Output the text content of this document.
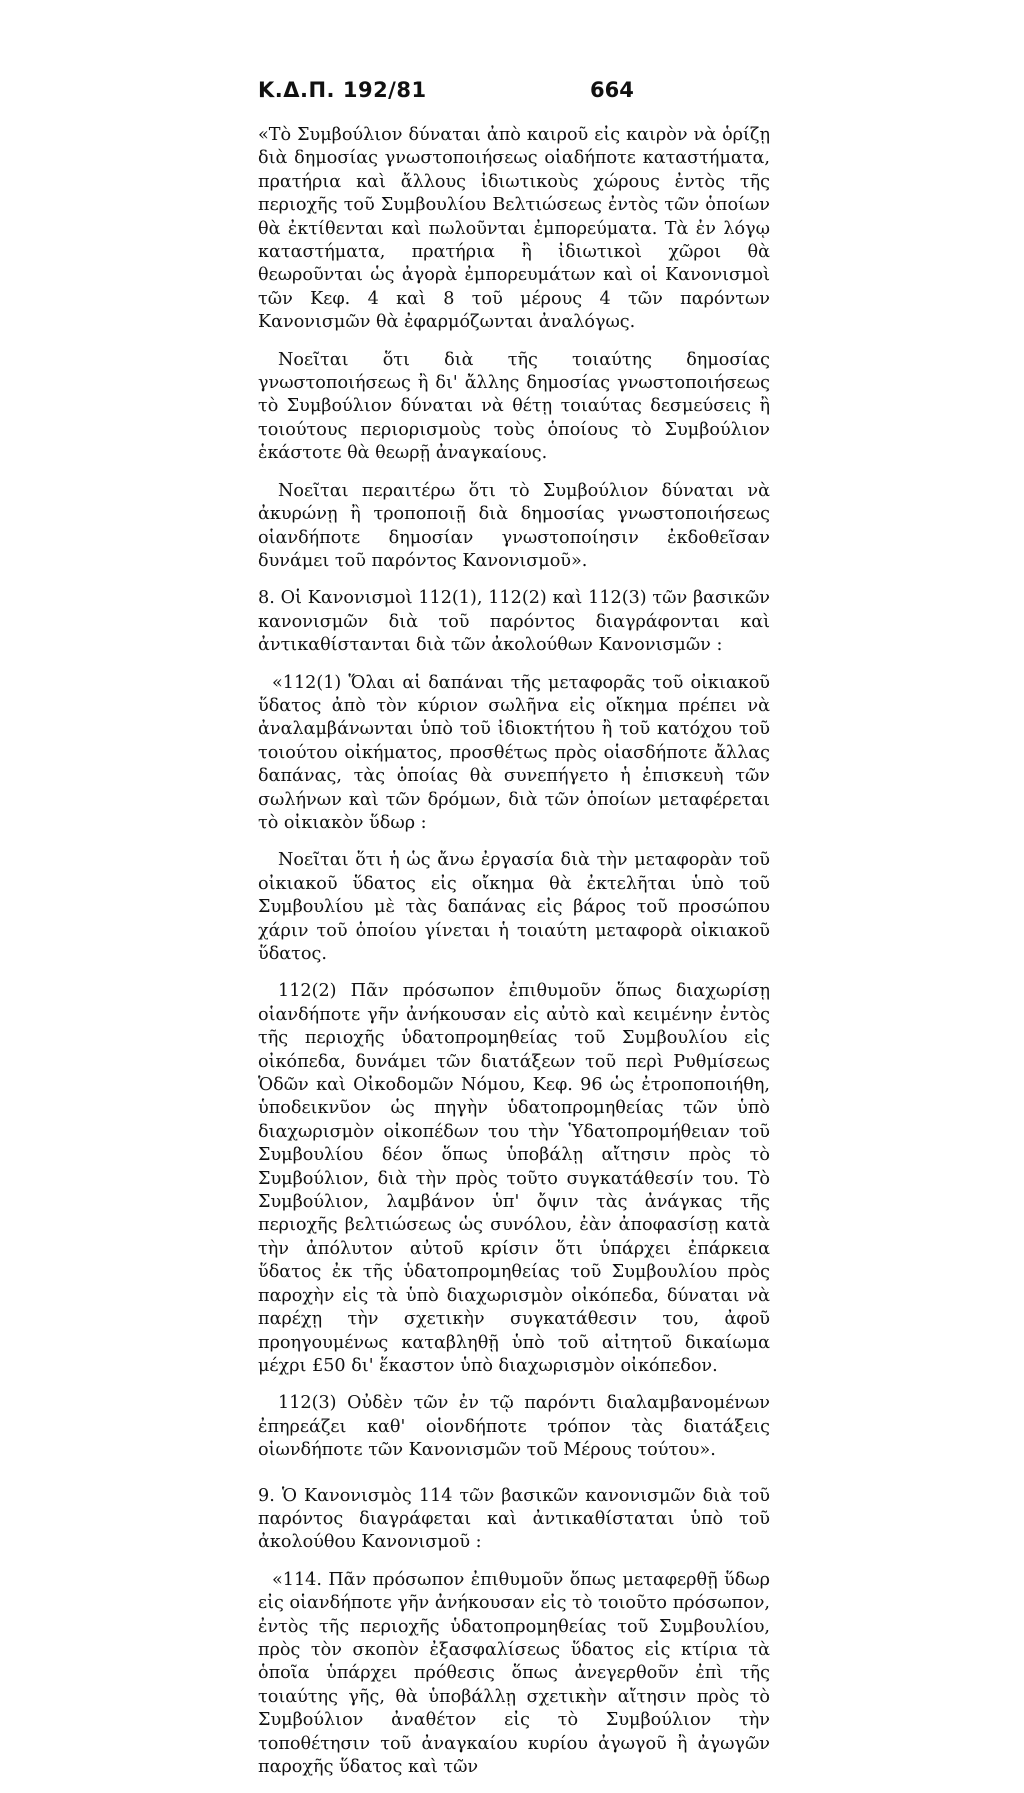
Κ.Δ.Π. 192/81	664

«Τὸ Συμβούλιον δύναται ἀπὸ καιροῦ εἰς καιρὸν νὰ ὁρίζῃ διὰ δημοσίας γνωστοποιήσεως οἱαδήποτε καταστήματα, πρατήρια καὶ ἄλλους ἰδιωτικοὺς χώρους ἐντὸς τῆς περιοχῆς τοῦ Συμβουλίου Βελτιώσεως ἐντὸς τῶν ὁποίων θὰ ἐκτίθενται καὶ πωλοῦνται ἐμπορεύματα. Τὰ ἐν λόγῳ καταστήματα, πρατήρια ἢ ἰδιωτικοὶ χῶροι θὰ θεωροῦνται ὡς ἀγορὰ ἐμπορευμάτων καὶ οἱ Κανονισμοὶ τῶν Κεφ. 4 καὶ 8 τοῦ μέρους 4 τῶν παρόντων Κανονισμῶν θὰ ἐφαρμόζωνται ἀναλόγως.

Νοεῖται ὅτι διὰ τῆς τοιαύτης δημοσίας γνωστοποιήσεως ἢ δι' ἄλλης δημοσίας γνωστοποιήσεως τὸ Συμβούλιον δύναται νὰ θέτῃ τοιαύτας δεσμεύσεις ἢ τοιούτους περιορισμοὺς τοὺς ὁποίους τὸ Συμβούλιον ἑκάστοτε θὰ θεωρῇ ἀναγκαίους.

Νοεῖται περαιτέρω ὅτι τὸ Συμβούλιον δύναται νὰ ἀκυρώνῃ ἢ τροποποιῇ διὰ δημοσίας γνωστοποιήσεως οἱανδήποτε δημοσίαν γνωστοποίησιν ἐκδοθεῖσαν δυνάμει τοῦ παρόντος Κανονισμοῦ».

8. Οἱ Κανονισμοὶ 112(1), 112(2) καὶ 112(3) τῶν βασικῶν κανονισμῶν διὰ τοῦ παρόντος διαγράφονται καὶ ἀντικαθίστανται διὰ τῶν ἀκολούθων Κανονισμῶν :

«112(1) Ὅλαι αἱ δαπάναι τῆς μεταφορᾶς τοῦ οἰκιακοῦ ὕδατος ἀπὸ τὸν κύριον σωλῆνα εἰς οἴκημα πρέπει νὰ ἀναλαμβάνωνται ὑπὸ τοῦ ἰδιοκτήτου ἢ τοῦ κατόχου τοῦ τοιούτου οἰκήματος, προσθέτως πρὸς οἱασδήποτε ἄλλας δαπάνας, τὰς ὁποίας θὰ συνεπήγετο ἡ ἐπισκευὴ τῶν σωλήνων καὶ τῶν δρόμων, διὰ τῶν ὁποίων μεταφέρεται τὸ οἰκιακὸν ὕδωρ :

Νοεῖται ὅτι ἡ ὡς ἄνω ἐργασία διὰ τὴν μεταφορὰν τοῦ οἰκιακοῦ ὕδατος εἰς οἴκημα θὰ ἐκτελῆται ὑπὸ τοῦ Συμβουλίου μὲ τὰς δαπάνας εἰς βάρος τοῦ προσώπου χάριν τοῦ ὁποίου γίνεται ἡ τοιαύτη μεταφορὰ οἰκιακοῦ ὕδατος.

112(2) Πᾶν πρόσωπον ἐπιθυμοῦν ὅπως διαχωρίσῃ οἱανδήποτε γῆν ἀνήκουσαν εἰς αὐτὸ καὶ κειμένην ἐντὸς τῆς περιοχῆς ὑδατοπρομηθείας τοῦ Συμβουλίου εἰς οἰκόπεδα, δυνάμει τῶν διατάξεων τοῦ περὶ Ρυθμίσεως Ὁδῶν καὶ Οἰκοδομῶν Νόμου, Κεφ. 96 ὡς ἐτροποποιήθη, ὑποδεικνῦον ὡς πηγὴν ὑδατοπρομηθείας τῶν ὑπὸ διαχωρισμὸν οἰκοπέδων του τὴν Ὑδατοπρομήθειαν τοῦ Συμβουλίου δέον ὅπως ὑποβάλῃ αἴτησιν πρὸς τὸ Συμβούλιον, διὰ τὴν πρὸς τοῦτο συγκατάθεσίν του. Τὸ Συμβούλιον, λαμβάνον ὑπ' ὄψιν τὰς ἀνάγκας τῆς περιοχῆς βελτιώσεως ὡς συνόλου, ἐὰν ἀποφασίσῃ κατὰ τὴν ἀπόλυτον αὐτοῦ κρίσιν ὅτι ὑπάρχει ἐπάρκεια ὕδατος ἐκ τῆς ὑδατοπρομηθείας τοῦ Συμβουλίου πρὸς παροχὴν εἰς τὰ ὑπὸ διαχωρισμὸν οἰκόπεδα, δύναται νὰ παρέχῃ τὴν σχετικὴν συγκατάθεσιν του, ἀφοῦ προηγουμένως καταβληθῇ ὑπὸ τοῦ αἰτητοῦ δικαίωμα μέχρι £50 δι' ἕκαστον ὑπὸ διαχωρισμὸν οἰκόπεδον.

112(3) Οὐδὲν τῶν ἐν τῷ παρόντι διαλαμβανομένων ἐπηρεάζει καθ' οἱονδήποτε τρόπον τὰς διατάξεις οἱωνδήποτε τῶν Κανονισμῶν τοῦ Μέρους τούτου».

9. Ὁ Κανονισμὸς 114 τῶν βασικῶν κανονισμῶν διὰ τοῦ παρόντος διαγράφεται καὶ ἀντικαθίσταται ὑπὸ τοῦ ἀκολούθου Κανονισμοῦ :

«114. Πᾶν πρόσωπον ἐπιθυμοῦν ὅπως μεταφερθῇ ὕδωρ εἰς οἱανδήποτε γῆν ἀνήκουσαν εἰς τὸ τοιοῦτο πρόσωπον, ἐντὸς τῆς περιοχῆς ὑδατοπρομηθείας τοῦ Συμβουλίου, πρὸς τὸν σκοπὸν ἐξασφαλίσεως ὕδατος εἰς κτίρια τὰ ὁποῖα ὑπάρχει πρόθεσις ὅπως ἀνεγερθοῦν ἐπὶ τῆς τοιαύτης γῆς, θὰ ὑποβάλλῃ σχετικὴν αἴτησιν πρὸς τὸ Συμβούλιον ἀναθέτον εἰς τὸ Συμβούλιον τὴν τοποθέτησιν τοῦ ἀναγκαίου κυρίου ἀγωγοῦ ἢ ἀγωγῶν παροχῆς ὕδατος καὶ τῶν
